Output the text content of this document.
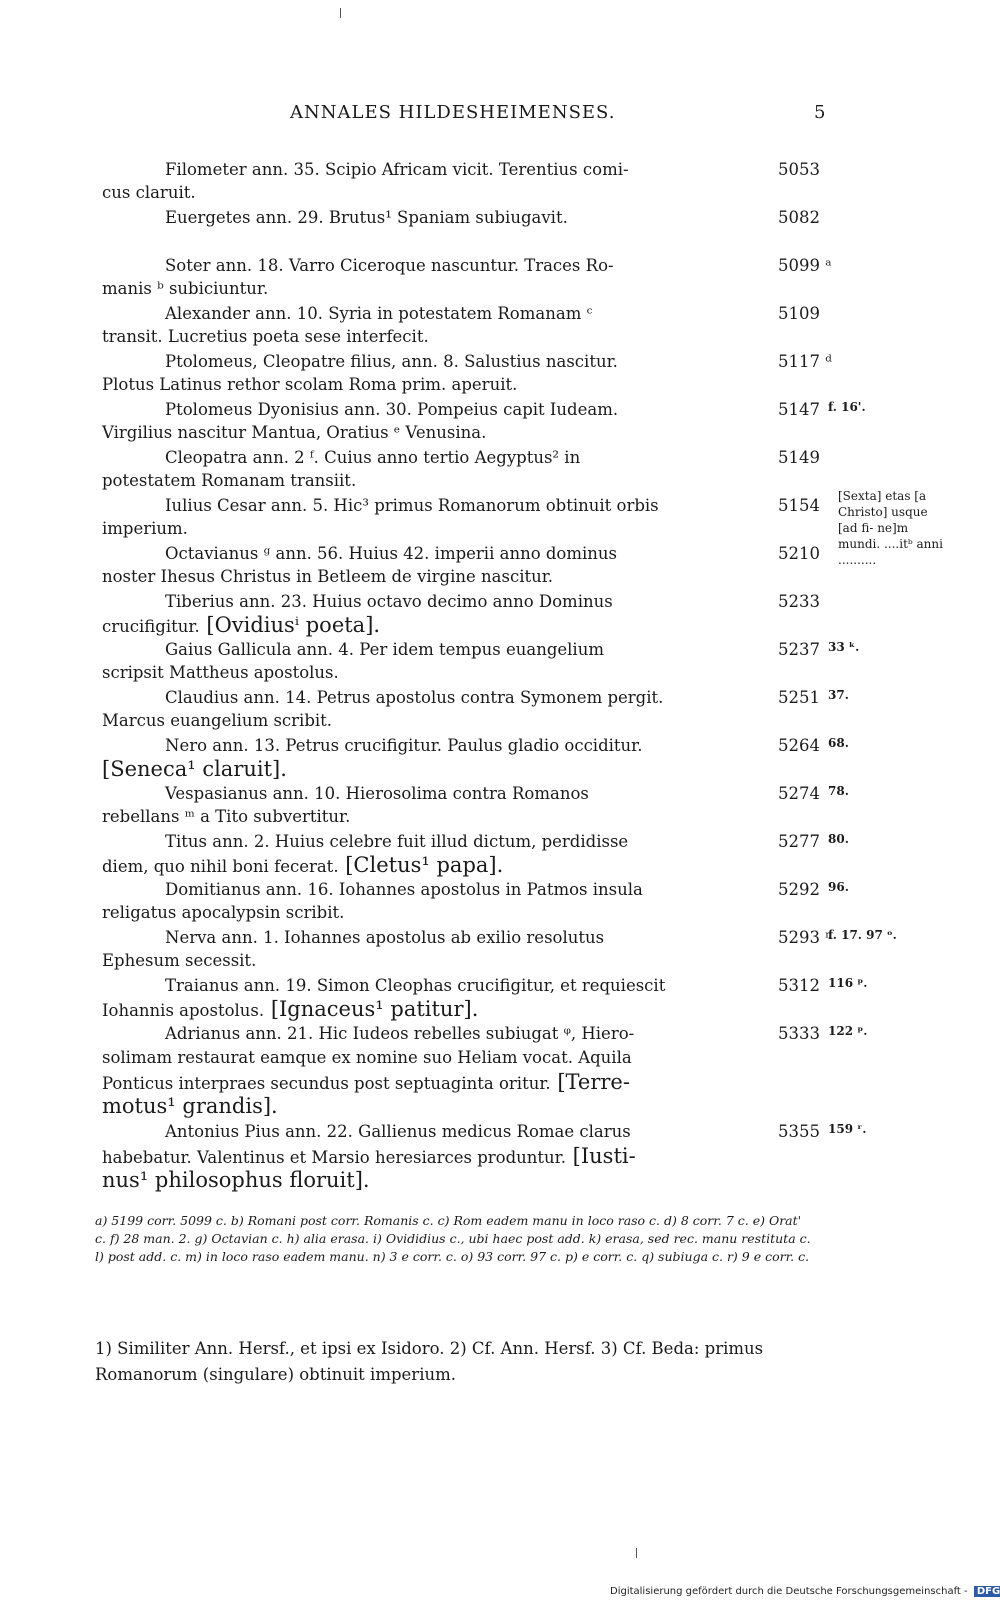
ANNALES HILDESHEIMENSES.	5
Filometer ann. 35. Scipio Africam vicit. Terentius comi-
cus claruit.
5053
Euergetes ann. 29. Brutus¹ Spaniam subiugavit.	5082
Soter ann. 18. Varro Ciceroque nascuntur. Traces Ro-
manis ᵇ subiciuntur.
5099 ᵃ
Alexander ann. 10. Syria in potestatem Romanam ᶜ
transit. Lucretius poeta sese interfecit.
5109
Ptolomeus, Cleopatre filius, ann. 8. Salustius nascitur.
Plotus Latinus rethor scolam Roma prim. aperuit.
5117 ᵈ
Ptolomeus Dyonisius ann. 30. Pompeius capit Iudeam.
Virgilius nascitur Mantua, Oratius ᵉ Venusina.
5147 f. 16'.
Cleopatra ann. 2 ᶠ. Cuius anno tertio Aegyptus² in
potestatem Romanam transiit.
5149
Iulius Cesar ann. 5. Hic³ primus Romanorum obtinuit orbis
imperium.
5154
Octavianus ᵍ ann. 56. Huius 42. imperii anno dominus
noster Ihesus Christus in Betleem de virgine nascitur.
5210
Tiberius ann. 23. Huius octavo decimo anno Dominus
crucifigitur. [Ovidiusⁱ poeta].
5233
Gaius Gallicula ann. 4. Per idem tempus euangelium
scripsit Mattheus apostolus.
5237 33 ᵏ.
Claudius ann. 14. Petrus apostolus contra Symonem pergit.
Marcus euangelium scribit.
5251 37.
Nero ann. 13. Petrus crucifigitur. Paulus gladio occiditur.
[Seneca¹ claruit].
5264 68.
Vespasianus ann. 10. Hierosolima contra Romanos
rebellans ᵐ a Tito subvertitur.
5274 78.
Titus ann. 2. Huius celebre fuit illud dictum, perdidisse
diem, quo nihil boni fecerat. [Cletus¹ papa].
5277 80.
Domitianus ann. 16. Iohannes apostolus in Patmos insula
religatus apocalypsin scribit.
5292 96.
Nerva ann. 1. Iohannes apostolus ab exilio resolutus
Ephesum secessit.
5293 ⁿ
f. 17. 97 ᵒ.
Traianus ann. 19. Simon Cleophas crucifigitur, et requiescit
Iohannis apostolus. [Ignaceus¹ patitur].
5312 116 ᵖ.
Adrianus ann. 21. Hic Iudeos rebelles subiugat ᵠ, Hiero-
solimam restaurat eamque ex nomine suo Heliam vocat. Aquila
Ponticus interpraes secundus post septuaginta oritur. [Terre-
motus¹ grandis].
5333 122 ᵖ.
Antonius Pius ann. 22. Gallienus medicus Romae clarus
habebatur. Valentinus et Marsio heresiarces produntur. [Iusti-
nus¹ philosophus floruit].
5355 159 ʳ.
[Sexta] etas [a Christo] usque [ad fi- ne]m mundi. ....itᵇ anni ..........
a) 5199 corr. 5099 c. b) Romani post corr. Romanis c. c) Rom eadem manu in loco raso c. d) 8 corr. 7 c. e) Orat' c. f) 28 man. 2. g) Octavian c. h) alia erasa. i) Ovididius c., ubi haec post add. k) erasa, sed rec. manu restituta c. l) post add. c. m) in loco raso eadem manu. n) 3 e corr. c. o) 93 corr. 97 c. p) e corr. c. q) subiuga c. r) 9 e corr. c.
1) Similiter Ann. Hersf., et ipsi ex Isidoro. 2) Cf. Ann. Hersf. 3) Cf. Beda: primus Romanorum (singulare) obtinuit imperium.
Digitalisierung gefördert durch die Deutsche Forschungsgemeinschaft - DFG
